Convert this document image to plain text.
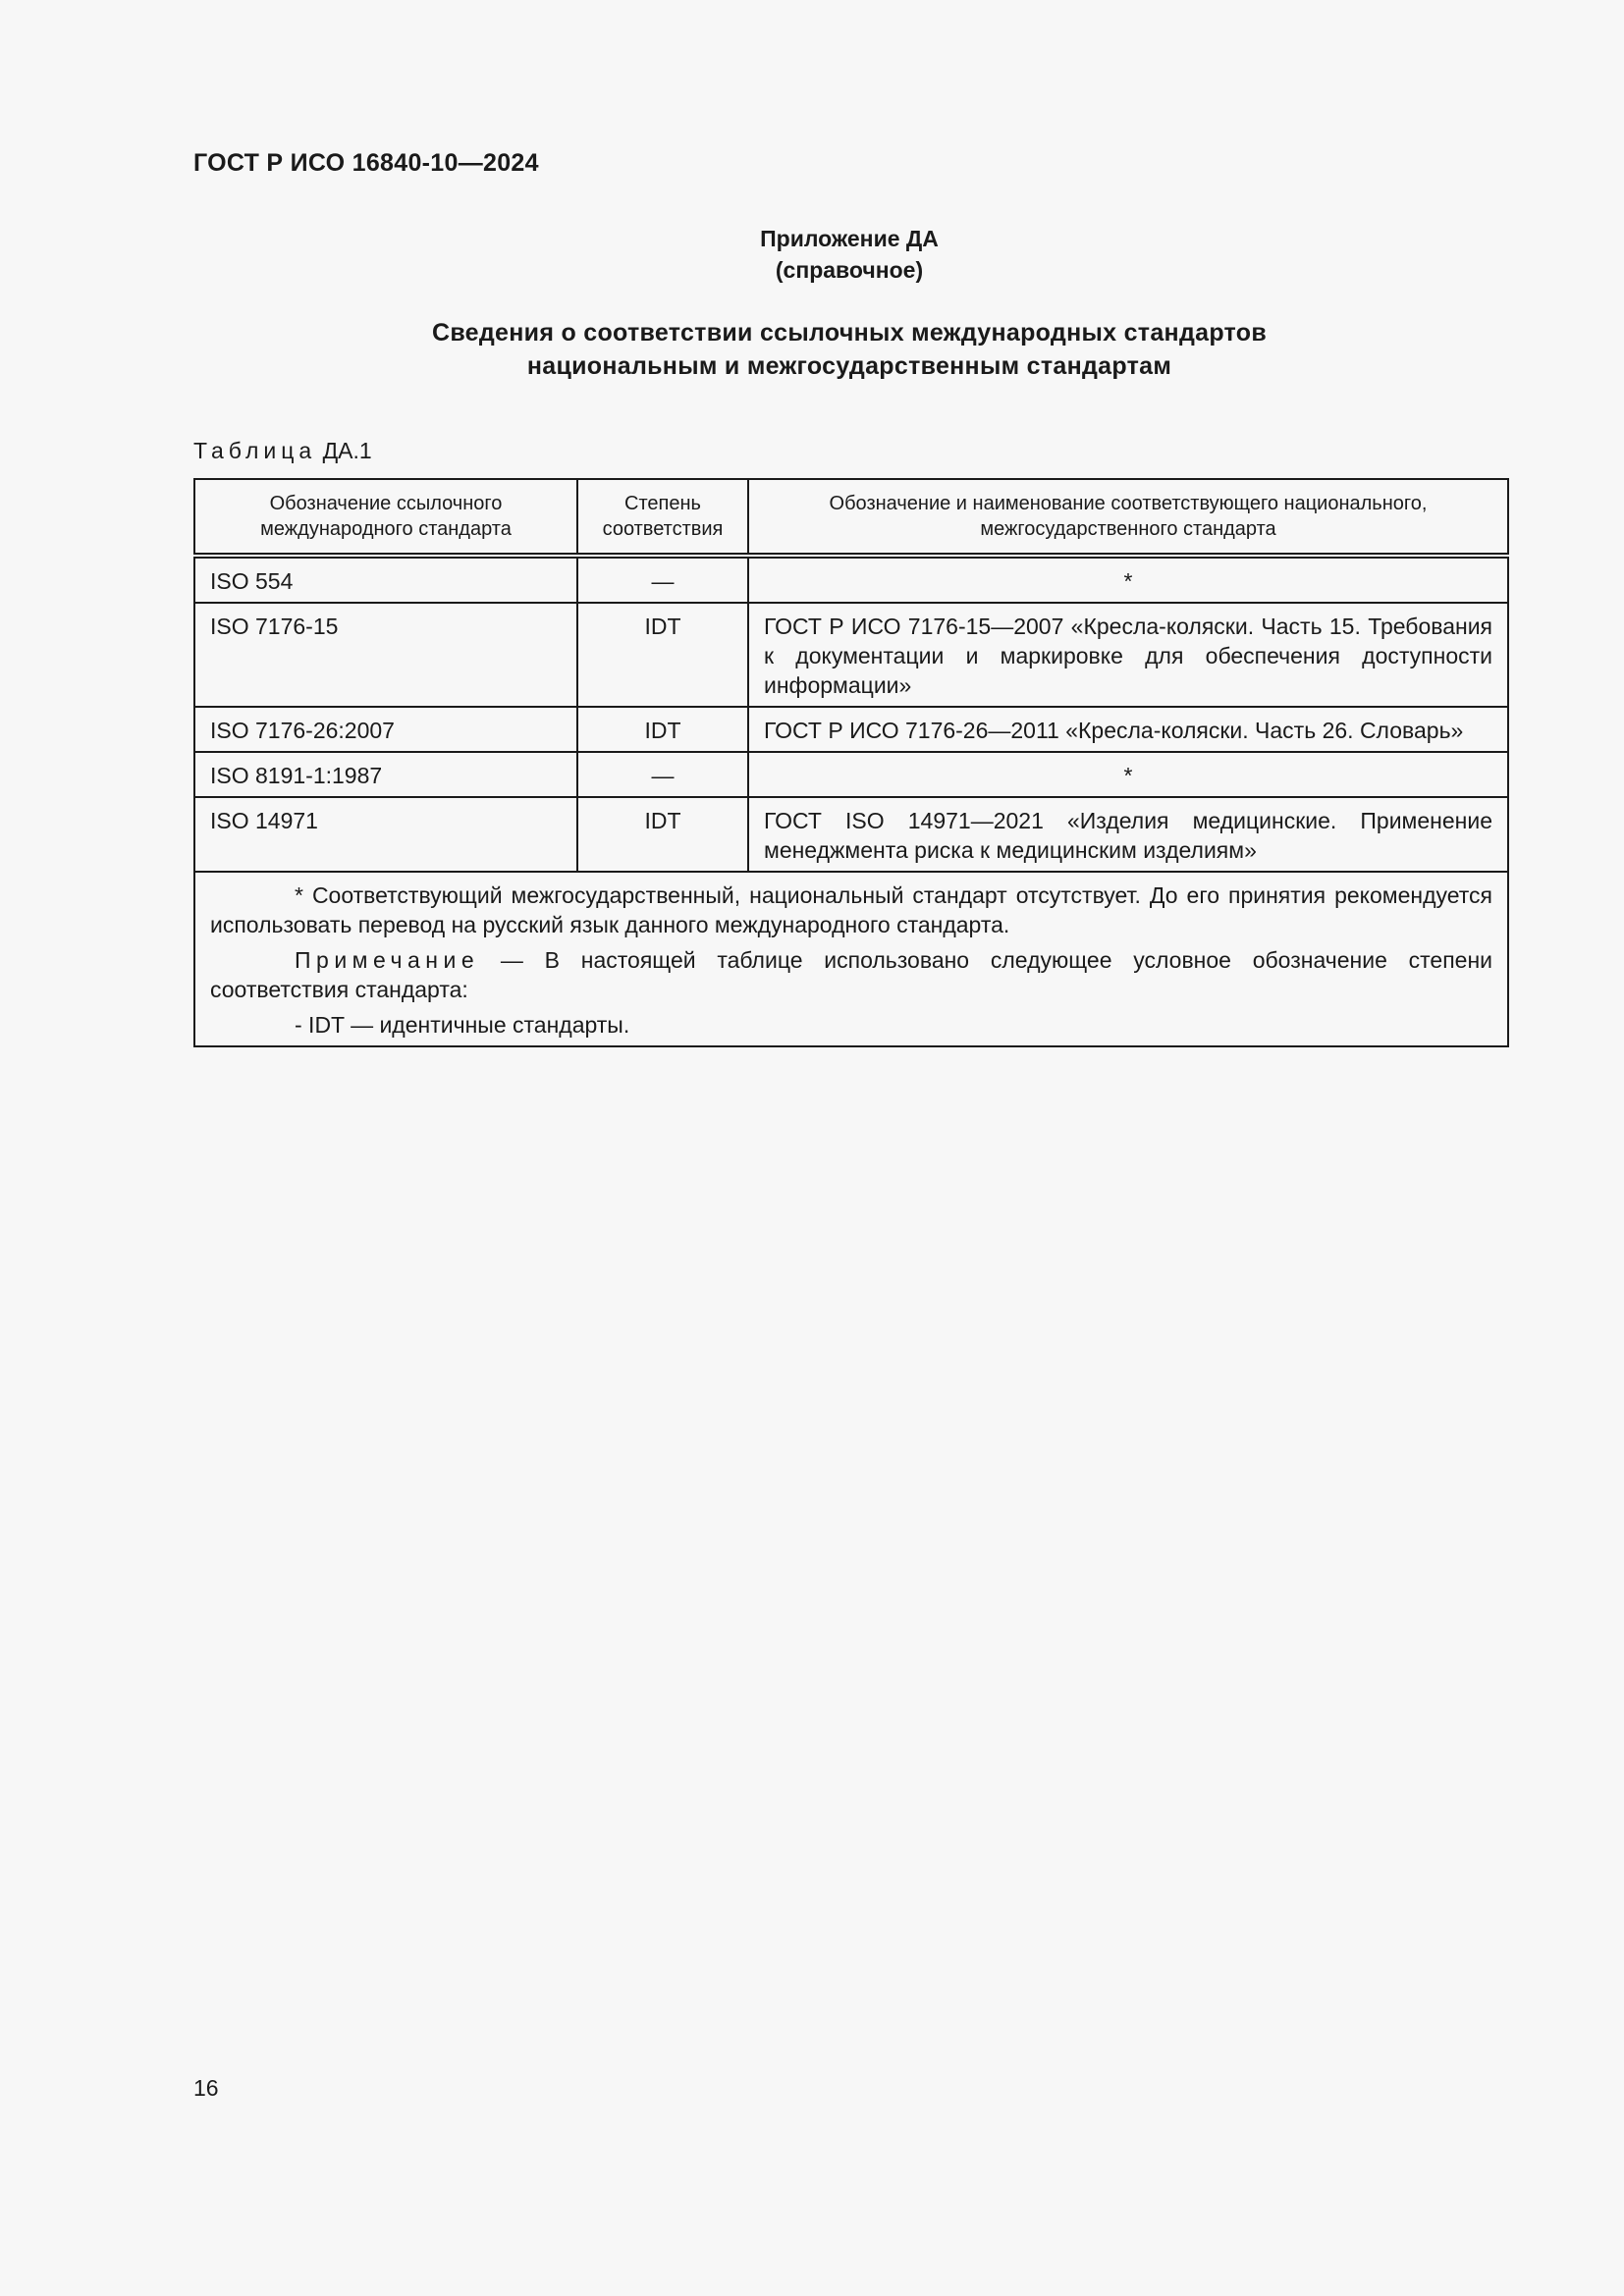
ГОСТ Р ИСО 16840-10—2024
Приложение ДА
(справочное)
Сведения о соответствии ссылочных международных стандартов
национальным и межгосударственным стандартам
Таблица ДА.1
Обозначение ссылочного международного стандарта	Степень соответствия	Обозначение и наименование соответствующего национального, межгосударственного стандарта
ISO 554	—	*
ISO 7176-15	IDT	ГОСТ Р ИСО 7176-15—2007 «Кресла-коляски. Часть 15. Требования к документации и маркировке для обеспечения доступности информации»
ISO 7176-26:2007	IDT	ГОСТ Р ИСО 7176-26—2011 «Кресла-коляски. Часть 26. Словарь»
ISO 8191-1:1987	—	*
ISO 14971	IDT	ГОСТ ISO 14971—2021 «Изделия медицинские. Применение менеджмента риска к медицинским изделиям»

* Соответствующий межгосударственный, национальный стандарт отсутствует. До его принятия рекомендуется использовать перевод на русский язык данного международного стандарта.

Примечание — В настоящей таблице использовано следующее условное обозначение степени соответствия стандарта:

- IDT — идентичные стандарты.		
16
